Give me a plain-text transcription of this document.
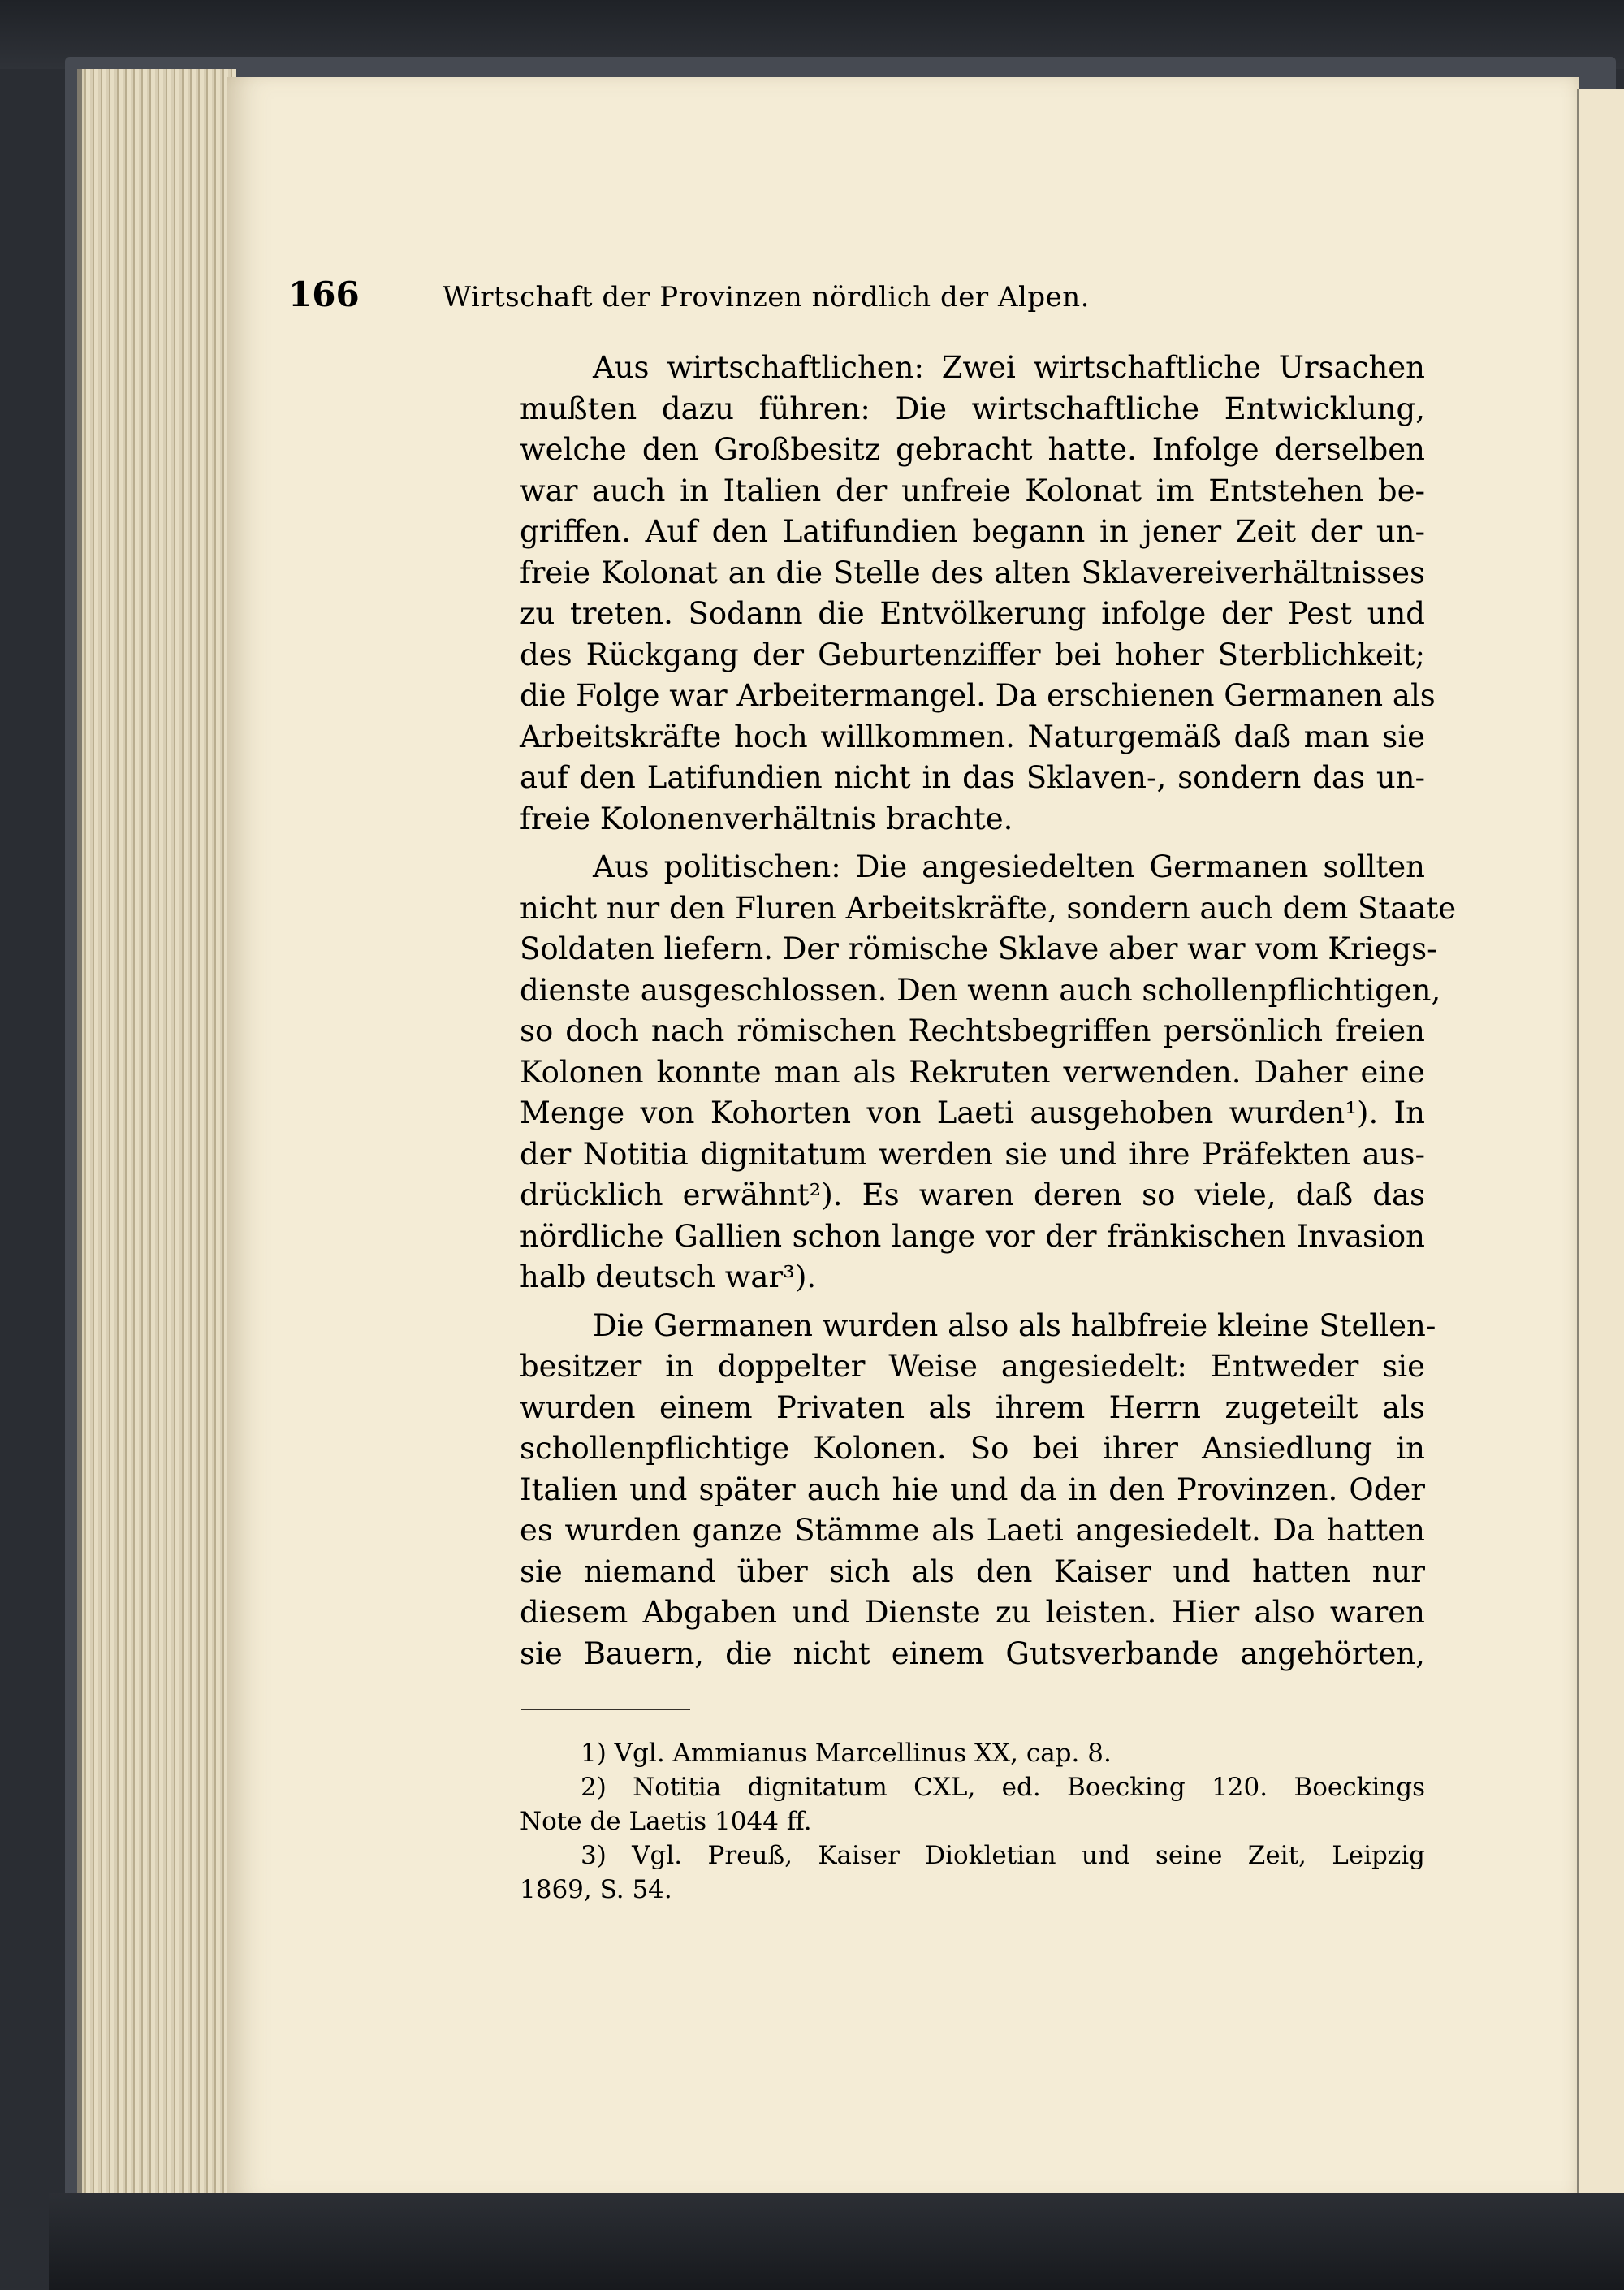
166	Wirtschaft der Provinzen nördlich der Alpen.
Aus wirtschaftlichen: Zwei wirtschaftliche Ursachen
mußten dazu führen: Die wirtschaftliche Entwicklung,
welche den Großbesitz gebracht hatte. Infolge derselben
war auch in Italien der unfreie Kolonat im Entstehen be-
griffen. Auf den Latifundien begann in jener Zeit der un-
freie Kolonat an die Stelle des alten Sklavereiverhältnisses
zu treten. Sodann die Entvölkerung infolge der Pest und
des Rückgang der Geburtenziffer bei hoher Sterblichkeit;
die Folge war Arbeitermangel. Da erschienen Germanen als
Arbeitskräfte hoch willkommen. Naturgemäß daß man sie
auf den Latifundien nicht in das Sklaven-, sondern das un-
freie Kolonenverhältnis brachte.
Aus politischen: Die angesiedelten Germanen sollten
nicht nur den Fluren Arbeitskräfte, sondern auch dem Staate
Soldaten liefern. Der römische Sklave aber war vom Kriegs-
dienste ausgeschlossen. Den wenn auch schollenpflichtigen,
so doch nach römischen Rechtsbegriffen persönlich freien
Kolonen konnte man als Rekruten verwenden. Daher eine
Menge von Kohorten von Laeti ausgehoben wurden¹). In
der Notitia dignitatum werden sie und ihre Präfekten aus-
drücklich erwähnt²). Es waren deren so viele, daß das
nördliche Gallien schon lange vor der fränkischen Invasion
halb deutsch war³).
Die Germanen wurden also als halbfreie kleine Stellen-
besitzer in doppelter Weise angesiedelt: Entweder sie
wurden einem Privaten als ihrem Herrn zugeteilt als
schollenpflichtige Kolonen. So bei ihrer Ansiedlung in
Italien und später auch hie und da in den Provinzen. Oder
es wurden ganze Stämme als Laeti angesiedelt. Da hatten
sie niemand über sich als den Kaiser und hatten nur
diesem Abgaben und Dienste zu leisten. Hier also waren
sie Bauern, die nicht einem Gutsverbande angehörten,
1) Vgl. Ammianus Marcellinus XX, cap. 8.
2) Notitia dignitatum CXL, ed. Boecking 120. Boeckings
Note de Laetis 1044 ff.
3) Vgl. Preuß, Kaiser Diokletian und seine Zeit, Leipzig
1869, S. 54.
